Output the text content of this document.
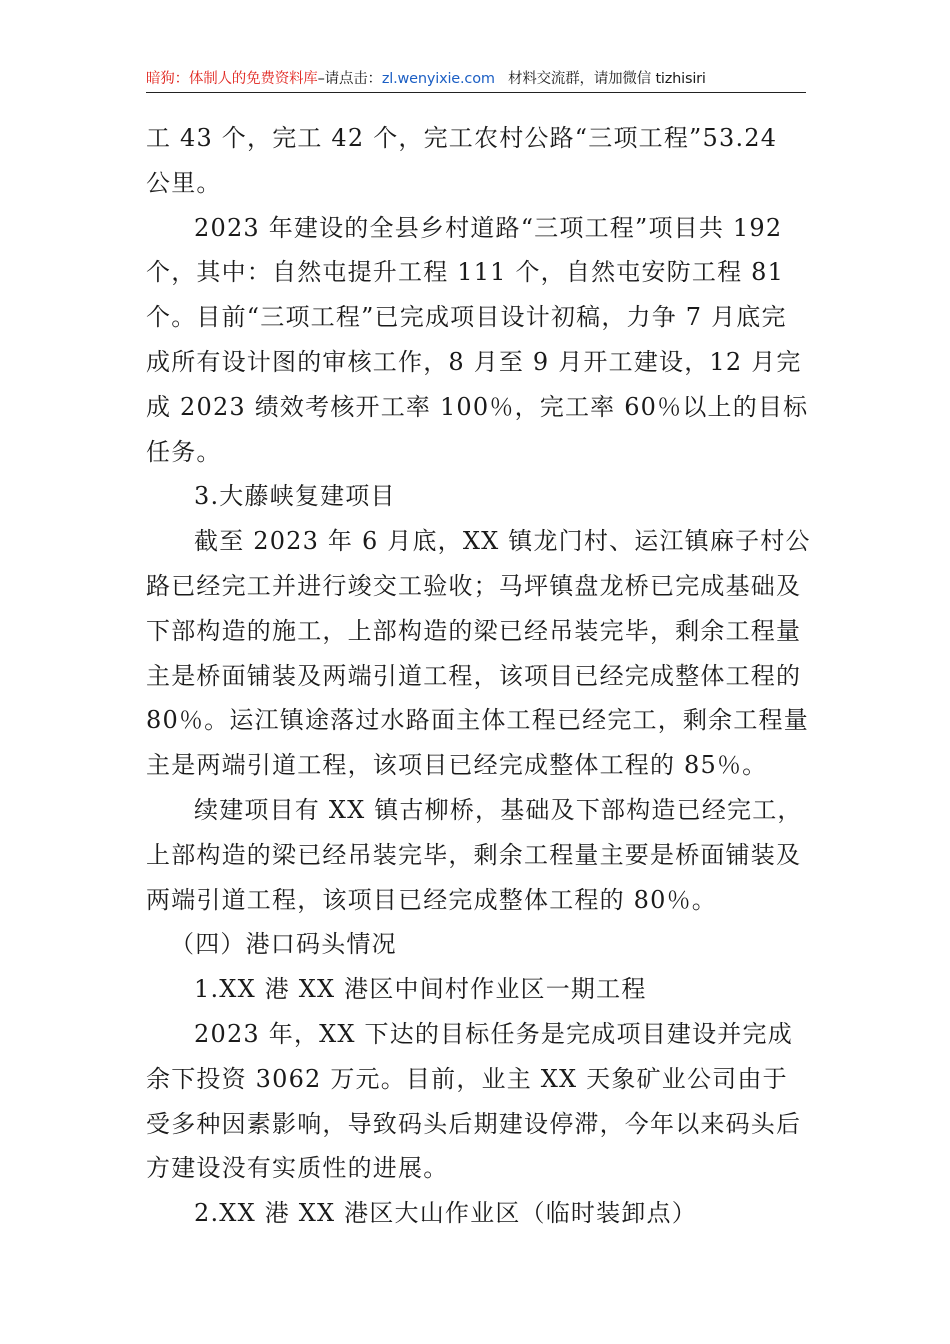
暗狗：体制人的免费资料库–请点击：zl.wenyixie.com 材料交流群，请加微信 tizhisiri

工 43 个，完工 42 个，完工农村公路“三项工程”53.24 公里。

2023 年建设的全县乡村道路“三项工程”项目共 192 个，其中：自然屯提升工程 111 个，自然屯安防工程 81 个。目前“三项工程”已完成项目设计初稿，力争 7 月底完成所有设计图的审核工作，8 月至 9 月开工建设，12 月完成 2023 绩效考核开工率 100％，完工率 60％以上的目标任务。

3.大藤峡复建项目

截至 2023 年 6 月底，XX 镇龙门村、运江镇麻子村公路已经完工并进行竣交工验收；马坪镇盘龙桥已完成基础及下部构造的施工，上部构造的梁已经吊装完毕，剩余工程量主是桥面铺装及两端引道工程，该项目已经完成整体工程的 80％。运江镇途落过水路面主体工程已经完工，剩余工程量主是两端引道工程，该项目已经完成整体工程的 85％。

续建项目有 XX 镇古柳桥，基础及下部构造已经完工，上部构造的梁已经吊装完毕，剩余工程量主要是桥面铺装及两端引道工程，该项目已经完成整体工程的 80％。

（四）港口码头情况

1.XX 港 XX 港区中间村作业区一期工程

2023 年，XX 下达的目标任务是完成项目建设并完成余下投资 3062 万元。目前，业主 XX 天象矿业公司由于受多种因素影响，导致码头后期建设停滞，今年以来码头后方建设没有实质性的进展。

2.XX 港 XX 港区大山作业区（临时装卸点）
